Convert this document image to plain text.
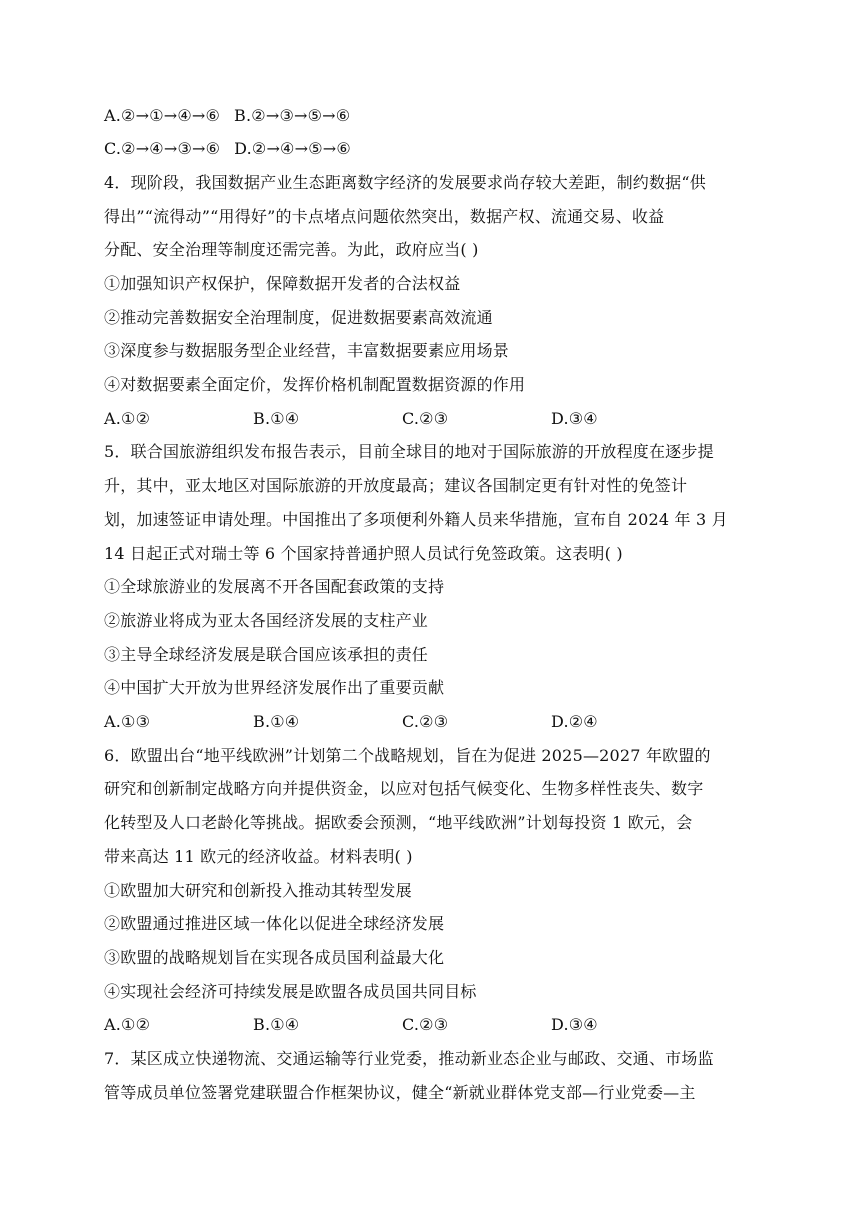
A.②→①→④→⑥ B.②→③→⑤→⑥
C.②→④→③→⑥ D.②→④→⑤→⑥
4．现阶段，我国数据产业生态距离数字经济的发展要求尚存较大差距，制约数据“供
得出”“流得动”“用得好”的卡点堵点问题依然突出，数据产权、流通交易、收益
分配、安全治理等制度还需完善。为此，政府应当( )
①加强知识产权保护，保障数据开发者的合法权益
②推动完善数据安全治理制度，促进数据要素高效流通
③深度参与数据服务型企业经营，丰富数据要素应用场景
④对数据要素全面定价，发挥价格机制配置数据资源的作用
A.①②	B.①④	C.②③	D.③④
5．联合国旅游组织发布报告表示，目前全球目的地对于国际旅游的开放程度在逐步提
升，其中，亚太地区对国际旅游的开放度最高；建议各国制定更有针对性的免签计
划，加速签证申请处理。中国推出了多项便利外籍人员来华措施，宣布自 2024 年 3 月
14 日起正式对瑞士等 6 个国家持普通护照人员试行免签政策。这表明( )
①全球旅游业的发展离不开各国配套政策的支持
②旅游业将成为亚太各国经济发展的支柱产业
③主导全球经济发展是联合国应该承担的责任
④中国扩大开放为世界经济发展作出了重要贡献
A.①③	B.①④	C.②③	D.②④
6．欧盟出台“地平线欧洲”计划第二个战略规划，旨在为促进 2025—2027 年欧盟的
研究和创新制定战略方向并提供资金，以应对包括气候变化、生物多样性丧失、数字
化转型及人口老龄化等挑战。据欧委会预测，“地平线欧洲”计划每投资 1 欧元，会
带来高达 11 欧元的经济收益。材料表明( )
①欧盟加大研究和创新投入推动其转型发展
②欧盟通过推进区域一体化以促进全球经济发展
③欧盟的战略规划旨在实现各成员国利益最大化
④实现社会经济可持续发展是欧盟各成员国共同目标
A.①②	B.①④	C.②③	D.③④
7．某区成立快递物流、交通运输等行业党委，推动新业态企业与邮政、交通、市场监
管等成员单位签署党建联盟合作框架协议，健全“新就业群体党支部—行业党委—主
